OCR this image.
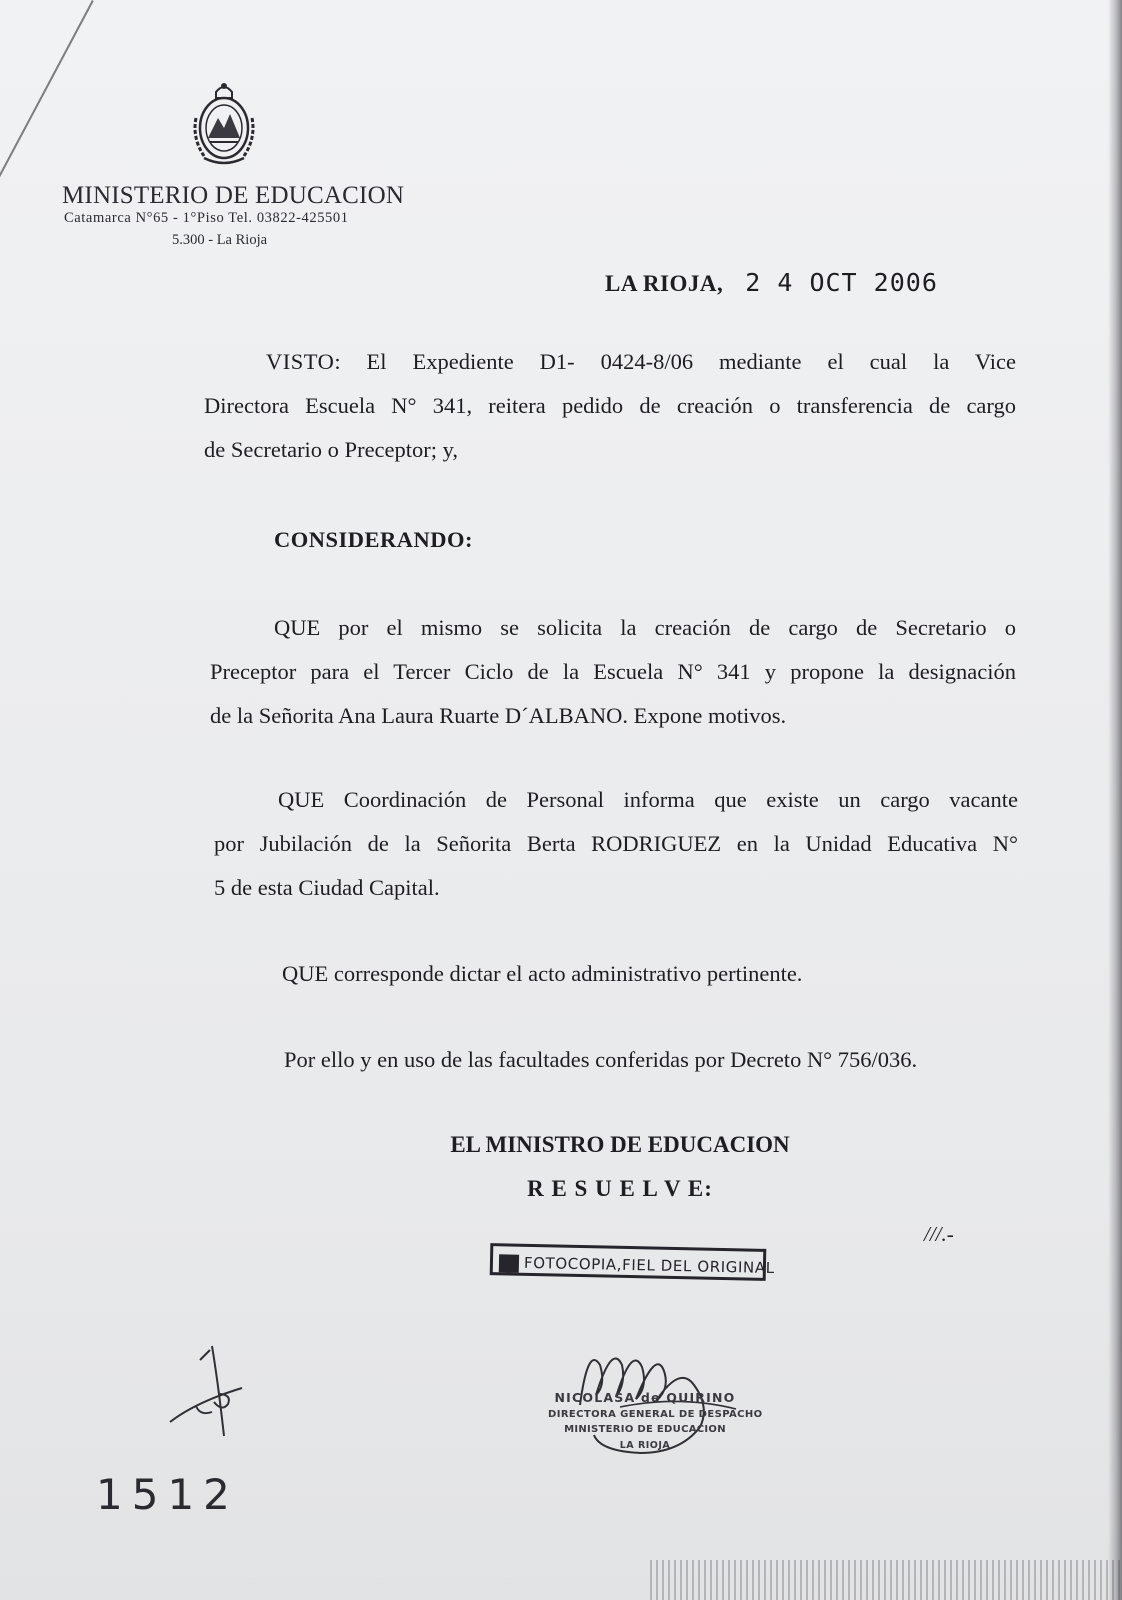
MINISTERIO DE EDUCACION
Catamarca N°65 - 1°Piso Tel. 03822-425501
5.300 - La Rioja
LA RIOJA, 2 4 OCT 2006
VISTO: El Expediente D1- 0424-8/06 mediante el cual la Vice
Directora Escuela N° 341, reitera pedido de creación o transferencia de cargo
de Secretario o Preceptor; y,
CONSIDERANDO:
QUE por el mismo se solicita la creación de cargo de Secretario o
Preceptor para el Tercer Ciclo de la Escuela N° 341 y propone la designación
de la Señorita Ana Laura Ruarte D´ALBANO. Expone motivos.
QUE Coordinación de Personal informa que existe un cargo vacante
por Jubilación de la Señorita Berta RODRIGUEZ en la Unidad Educativa N°
5 de esta Ciudad Capital.
QUE corresponde dictar el acto administrativo pertinente.
Por ello y en uso de las facultades conferidas por Decreto N° 756/036.
EL MINISTRO DE EDUCACION
R E S U E L V E:
///.-
FOTOCOPIA,FIEL DEL ORIGINAL
NICOLASA de QUIRINO
DIRECTORA GENERAL DE DESPACHO
MINISTERIO DE EDUCACION
LA RIOJA
1512
